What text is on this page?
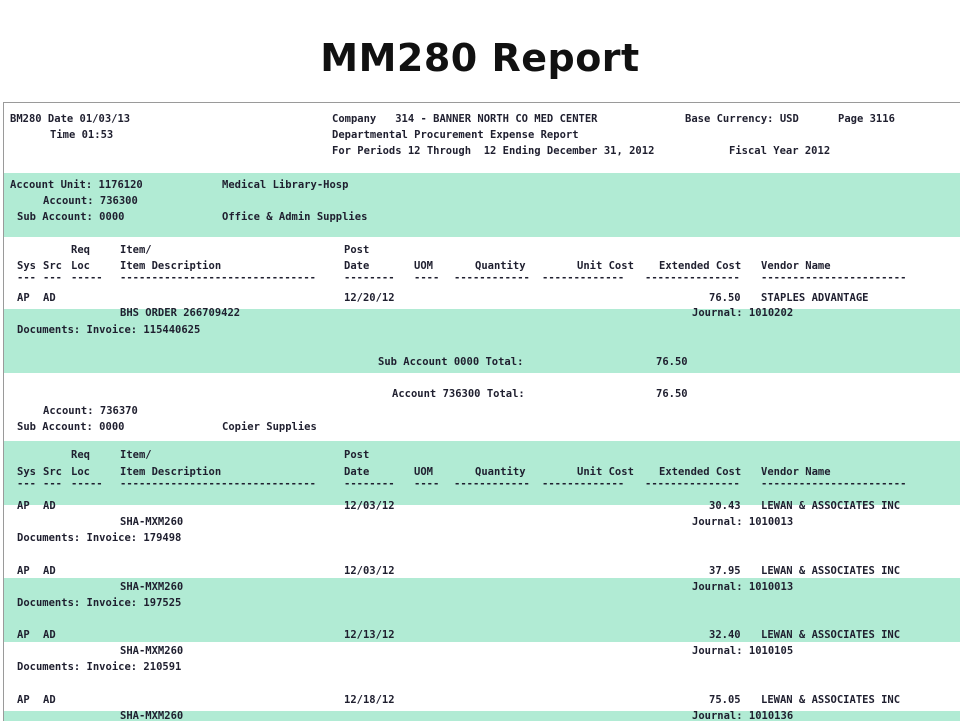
MM280 Report
BM280 Date 01/03/13
Time 01:53
Company   314 - BANNER NORTH CO MED CENTER	Base Currency: USD	Page 3116
Departmental Procurement Expense Report
For Periods 12 Through  12 Ending December 31, 2012	Fiscal Year 2012
Account Unit: 1176120	Medical Library-Hosp
Account: 736300
Sub Account: 0000	Office & Admin Supplies
Req	Item/	Post
Sys Src Loc	Item Description	Date	UOM	Quantity	Unit Cost Extended Cost Vendor Name
--- --- ----- -------------------------------	-------- ---- ------------ ------------- --------------- -----------------------
AP AD	12/20/12	76.50 STAPLES ADVANTAGE
BHS ORDER 266709422	Journal: 1010202
Documents: Invoice: 115440625
Sub Account 0000 Total:	76.50
Account 736300 Total:	76.50
Account: 736370
Sub Account: 0000	Copier Supplies
Req	Item/	Post
Sys Src Loc	Item Description	Date	UOM	Quantity	Unit Cost Extended Cost Vendor Name
--- --- ----- -------------------------------	-------- ---- ------------ ------------- --------------- -----------------------
AP AD	12/03/12	30.43 LEWAN & ASSOCIATES INC
SHA-MXM260	Journal: 1010013
Documents: Invoice: 179498
AP AD	12/03/12	37.95 LEWAN & ASSOCIATES INC
SHA-MXM260	Journal: 1010013
Documents: Invoice: 197525
AP AD	12/13/12	32.40 LEWAN & ASSOCIATES INC
SHA-MXM260	Journal: 1010105
Documents: Invoice: 210591
AP AD	12/18/12	75.05 LEWAN & ASSOCIATES INC
SHA-MXM260	Journal: 1010136
